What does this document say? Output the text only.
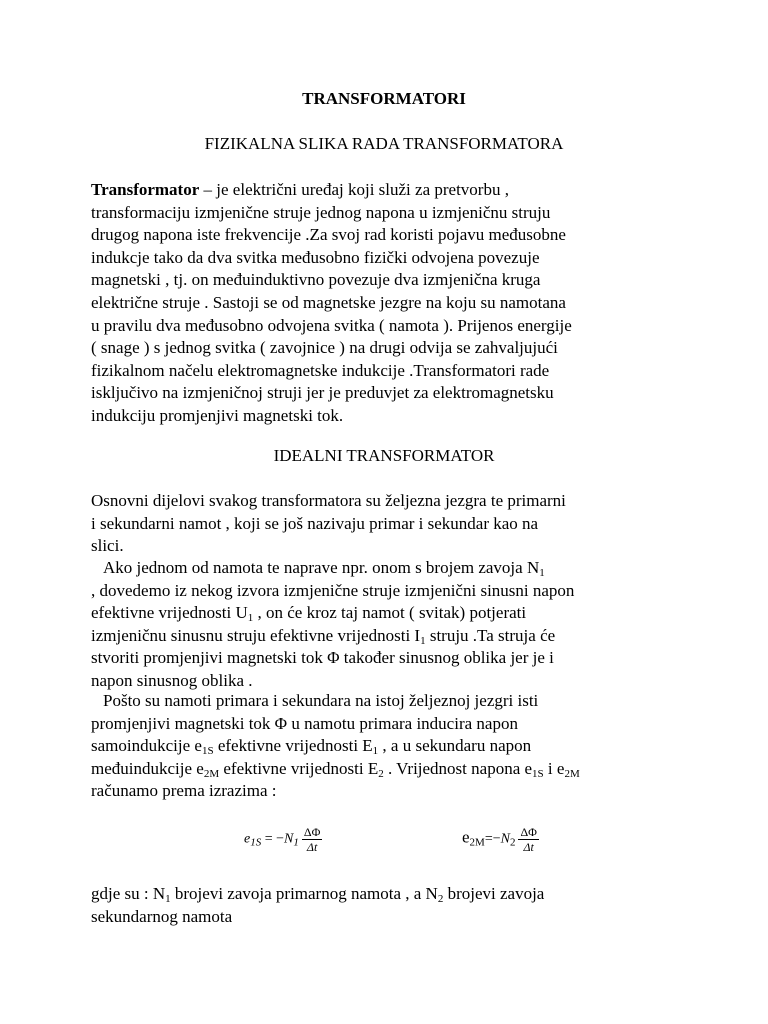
TRANSFORMATORI
FIZIKALNA SLIKA RADA TRANSFORMATORA
Transformator – je električni uređaj koji služi za pretvorbu ,
transformaciju izmjenične struje jednog napona u izmjeničnu struju
drugog napona iste frekvencije .Za svoj rad koristi pojavu međusobne
indukcje tako da dva svitka međusobno fizički odvojena povezuje
magnetski , tj. on međuinduktivno povezuje dva izmjenična kruga
električne struje . Sastoji se od magnetske jezgre na koju su namotana
u pravilu dva međusobno odvojena svitka ( namota ). Prijenos energije
( snage ) s jednog svitka ( zavojnice ) na drugi odvija se zahvaljujući
fizikalnom načelu elektromagnetske indukcije .Transformatori rade
isključivo na izmjeničnoj struji jer je preduvjet za elektromagnetsku
indukciju promjenjivi magnetski tok.
IDEALNI TRANSFORMATOR
Osnovni dijelovi svakog transformatora su željezna jezgra te primarni
i sekundarni namot , koji se još nazivaju primar i sekundar kao na
slici.
Ako jednom od namota te naprave npr. onom s brojem zavoja $N_1$
, dovedemo iz nekog izvora izmjenične struje izmjenični sinusni napon
efektivne vrijednosti $U_1$ , on će kroz taj namot ( svitak) potjerati
izmjeničnu sinusnu struju efektivne vrijednosti $I_1$ struju .Ta struja će
stvoriti promjenjivi magnetski tok Φ također sinusnog oblika jer je i
napon sinusnog oblika .
Pošto su namoti primara i sekundara na istoj željeznoj jezgri isti
promjenjivi magnetski tok Φ u namotu primara inducira napon
samoindukcije $e_{1S}$ efektivne vrijednosti $E_1$ , a u sekundaru napon
međuindukcije $e_{2M}$ efektivne vrijednosti $E_2$ . Vrijednost napona $e_{1S}$ i $e_{2M}$
računamo prema izrazima :
$e_{1S} = -N_1 \frac{\Delta\Phi}{\Delta t}$	$e_{2M}=-N_2 \frac{\Delta\Phi}{\Delta t}$
gdje su : $N_1$ brojevi zavoja primarnog namota , a $N_2$ brojevi zavoja
sekundarnog namota
